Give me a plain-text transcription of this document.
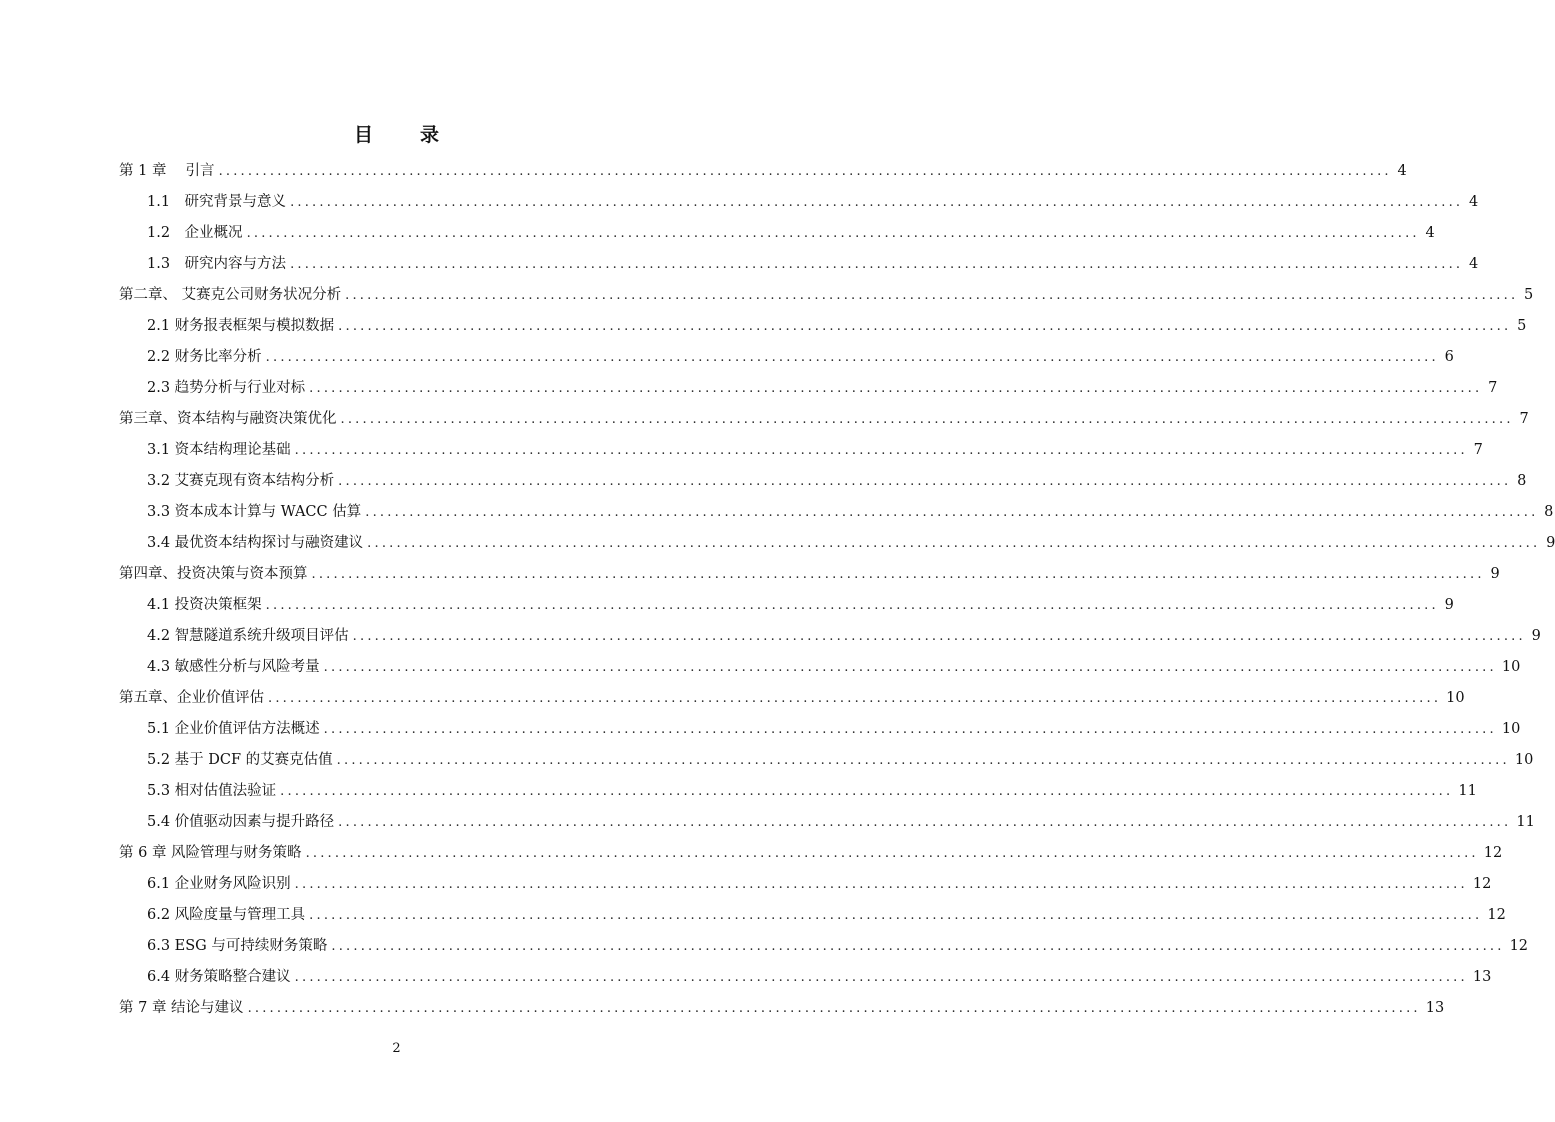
目　录
第 1 章　 引言 ................................................................................................................................................................ 4
1.1　研究背景与意义 ................................................................................................................................................................ 4
1.2　企业概况 ................................................................................................................................................................ 4
1.3　研究内容与方法 ................................................................................................................................................................ 4
第二章、 艾赛克公司财务状况分析 ................................................................................................................................................................ 5
2.1 财务报表框架与模拟数据 ................................................................................................................................................................ 5
2.2 财务比率分析 ................................................................................................................................................................ 6
2.3 趋势分析与行业对标 ................................................................................................................................................................ 7
第三章、资本结构与融资决策优化 ................................................................................................................................................................ 7
3.1 资本结构理论基础 ................................................................................................................................................................ 7
3.2 艾赛克现有资本结构分析 ................................................................................................................................................................ 8
3.3 资本成本计算与 WACC 估算 ................................................................................................................................................................ 8
3.4 最优资本结构探讨与融资建议 ................................................................................................................................................................ 9
第四章、投资决策与资本预算 ................................................................................................................................................................ 9
4.1 投资决策框架 ................................................................................................................................................................ 9
4.2 智慧隧道系统升级项目评估 ................................................................................................................................................................ 9
4.3 敏感性分析与风险考量 ................................................................................................................................................................ 10
第五章、企业价值评估 ................................................................................................................................................................ 10
5.1 企业价值评估方法概述 ................................................................................................................................................................ 10
5.2 基于 DCF 的艾赛克估值 ................................................................................................................................................................ 10
5.3 相对估值法验证 ................................................................................................................................................................ 11
5.4 价值驱动因素与提升路径 ................................................................................................................................................................ 11
第 6 章 风险管理与财务策略 ................................................................................................................................................................ 12
6.1 企业财务风险识别 ................................................................................................................................................................ 12
6.2 风险度量与管理工具 ................................................................................................................................................................ 12
6.3 ESG 与可持续财务策略 ................................................................................................................................................................ 12
6.4 财务策略整合建议 ................................................................................................................................................................ 13
第 7 章 结论与建议 ................................................................................................................................................................ 13
2
